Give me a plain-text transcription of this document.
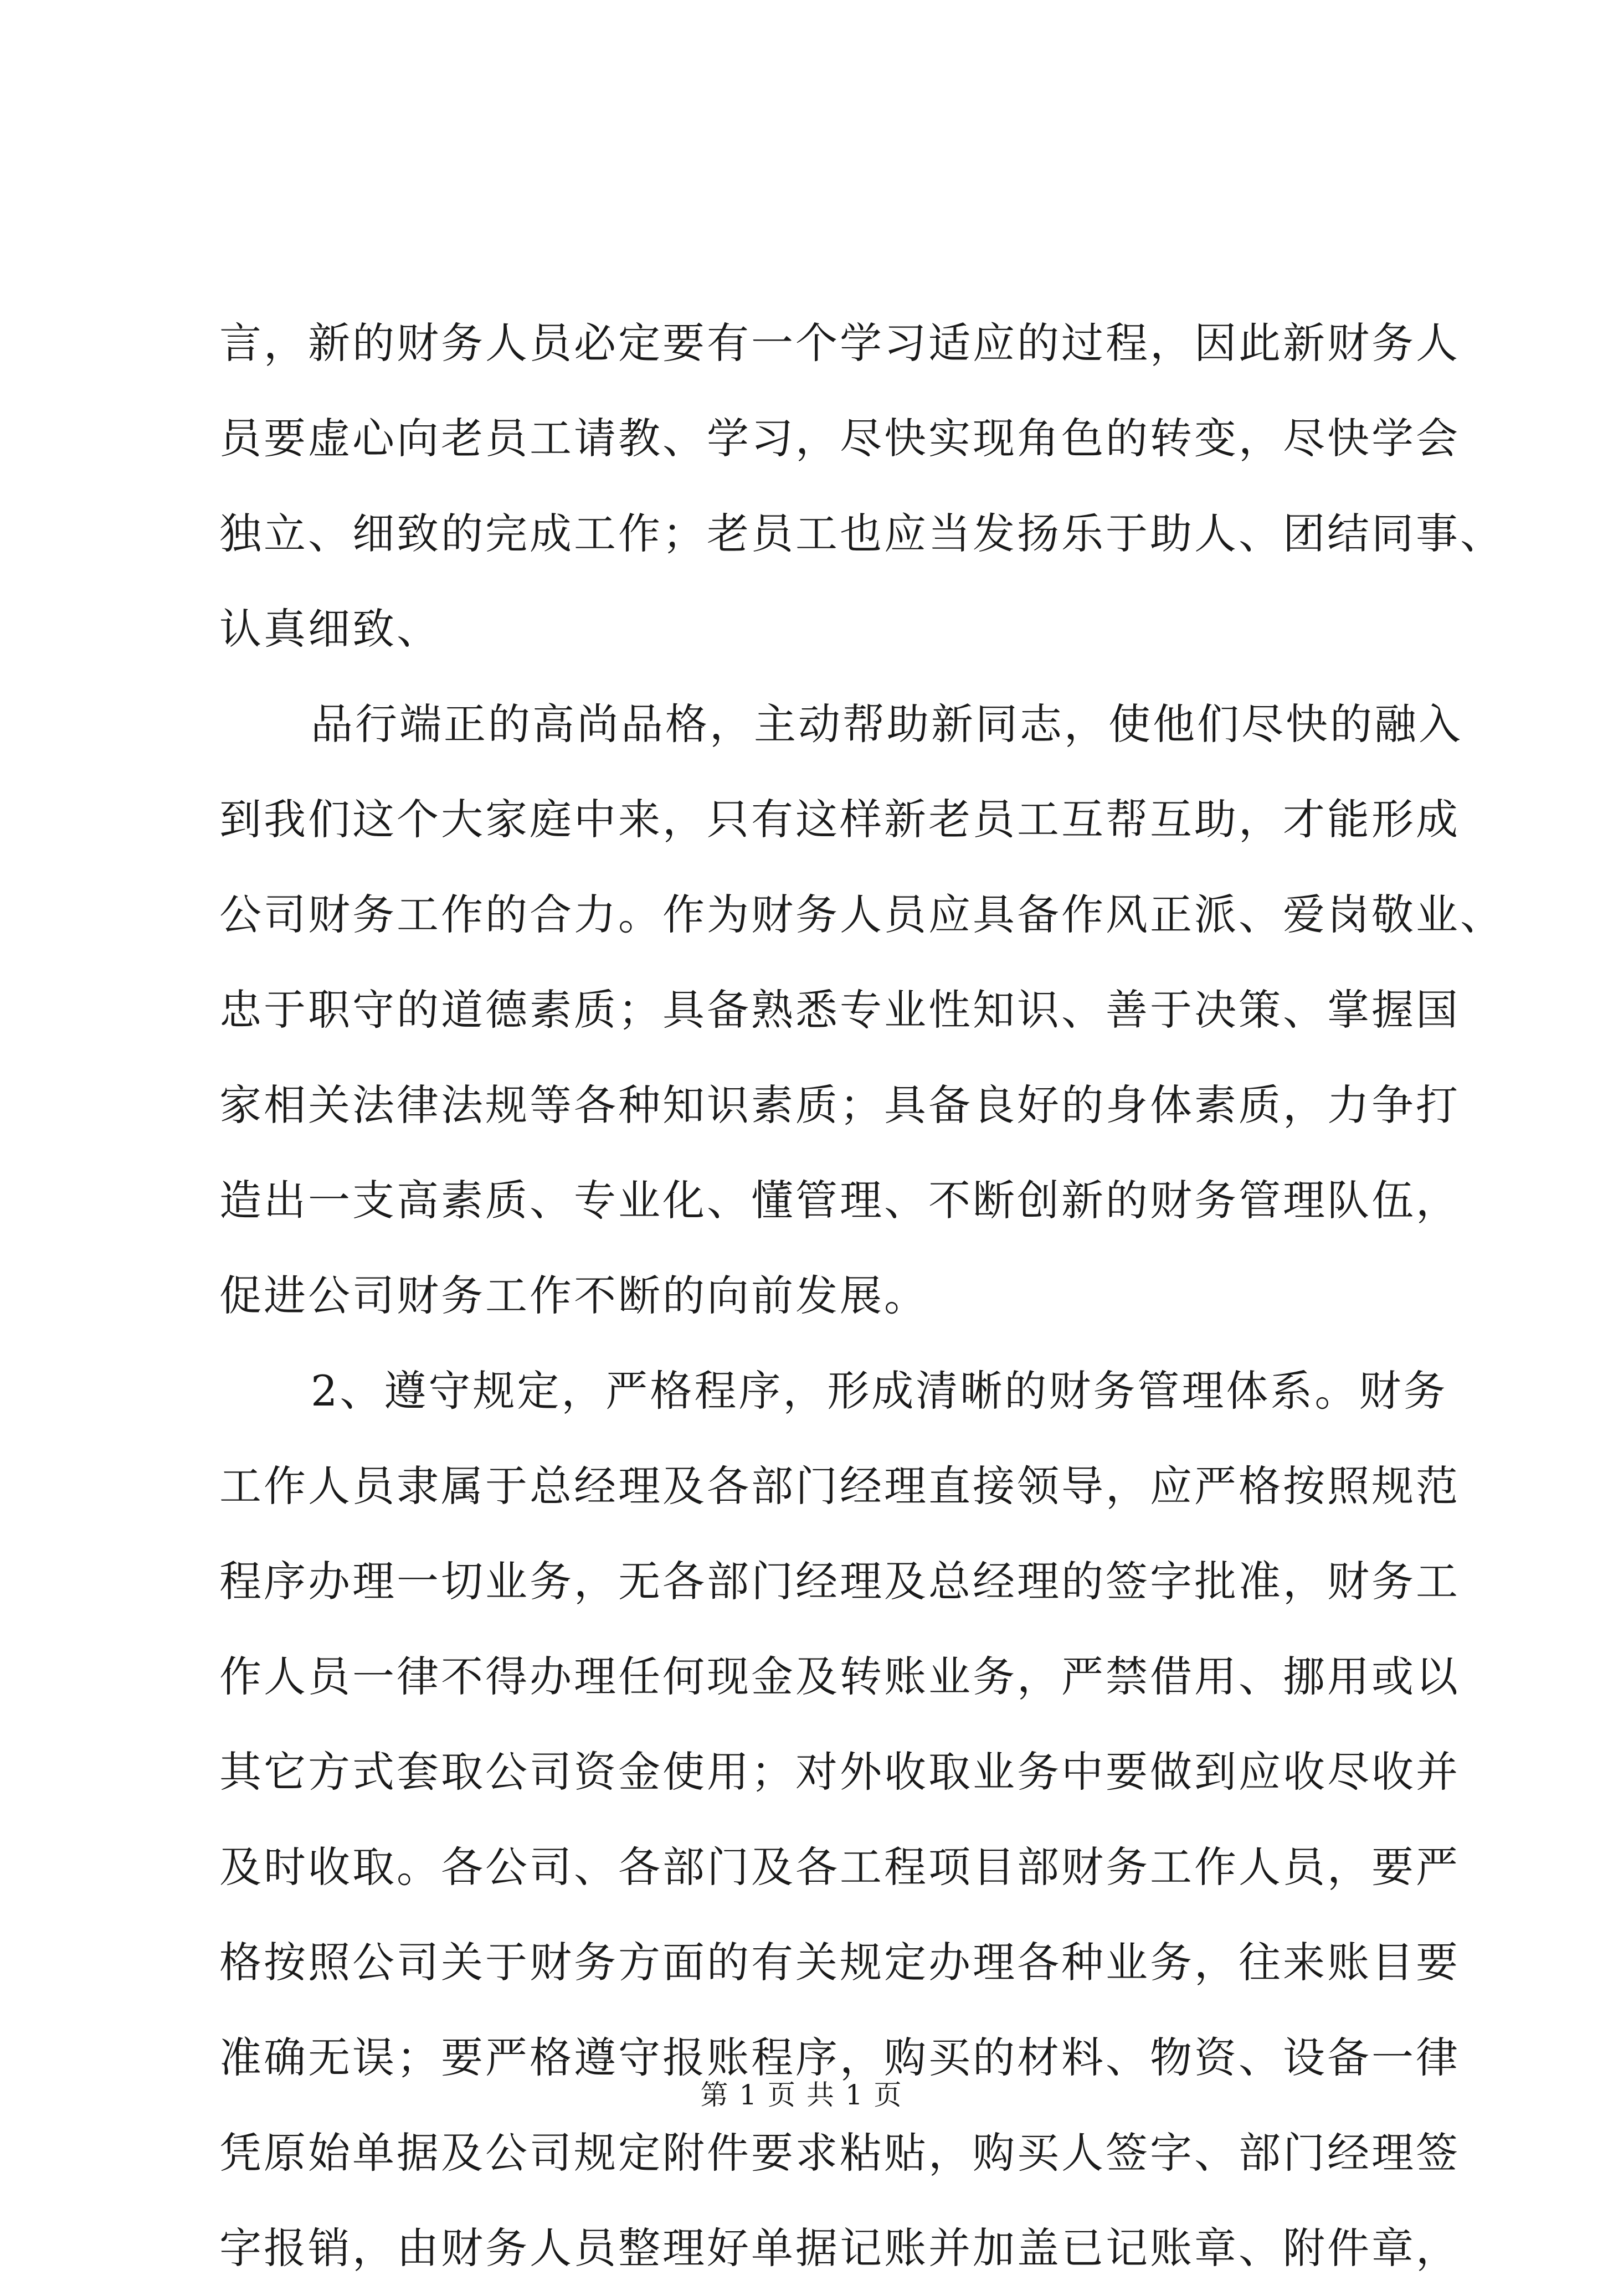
言，新的财务人员必定要有一个学习适应的过程，因此新财务人
员要虚心向老员工请教、学习，尽快实现角色的转变，尽快学会
独立、细致的完成工作；老员工也应当发扬乐于助人、团结同事、
认真细致、
品行端正的高尚品格，主动帮助新同志，使他们尽快的融入
到我们这个大家庭中来，只有这样新老员工互帮互助，才能形成
公司财务工作的合力。作为财务人员应具备作风正派、爱岗敬业、
忠于职守的道德素质；具备熟悉专业性知识、善于决策、掌握国
家相关法律法规等各种知识素质；具备良好的身体素质，力争打
造出一支高素质、专业化、懂管理、不断创新的财务管理队伍，
促进公司财务工作不断的向前发展。
2、遵守规定，严格程序，形成清晰的财务管理体系。财务
工作人员隶属于总经理及各部门经理直接领导，应严格按照规范
程序办理一切业务，无各部门经理及总经理的签字批准，财务工
作人员一律不得办理任何现金及转账业务，严禁借用、挪用或以
其它方式套取公司资金使用；对外收取业务中要做到应收尽收并
及时收取。各公司、各部门及各工程项目部财务工作人员，要严
格按照公司关于财务方面的有关规定办理各种业务，往来账目要
准确无误；要严格遵守报账程序，购买的材料、物资、设备一律
凭原始单据及公司规定附件要求粘贴，购买人签字、部门经理签
字报销，由财务人员整理好单据记账并加盖已记账章、附件章，
第 1 页 共 1 页
